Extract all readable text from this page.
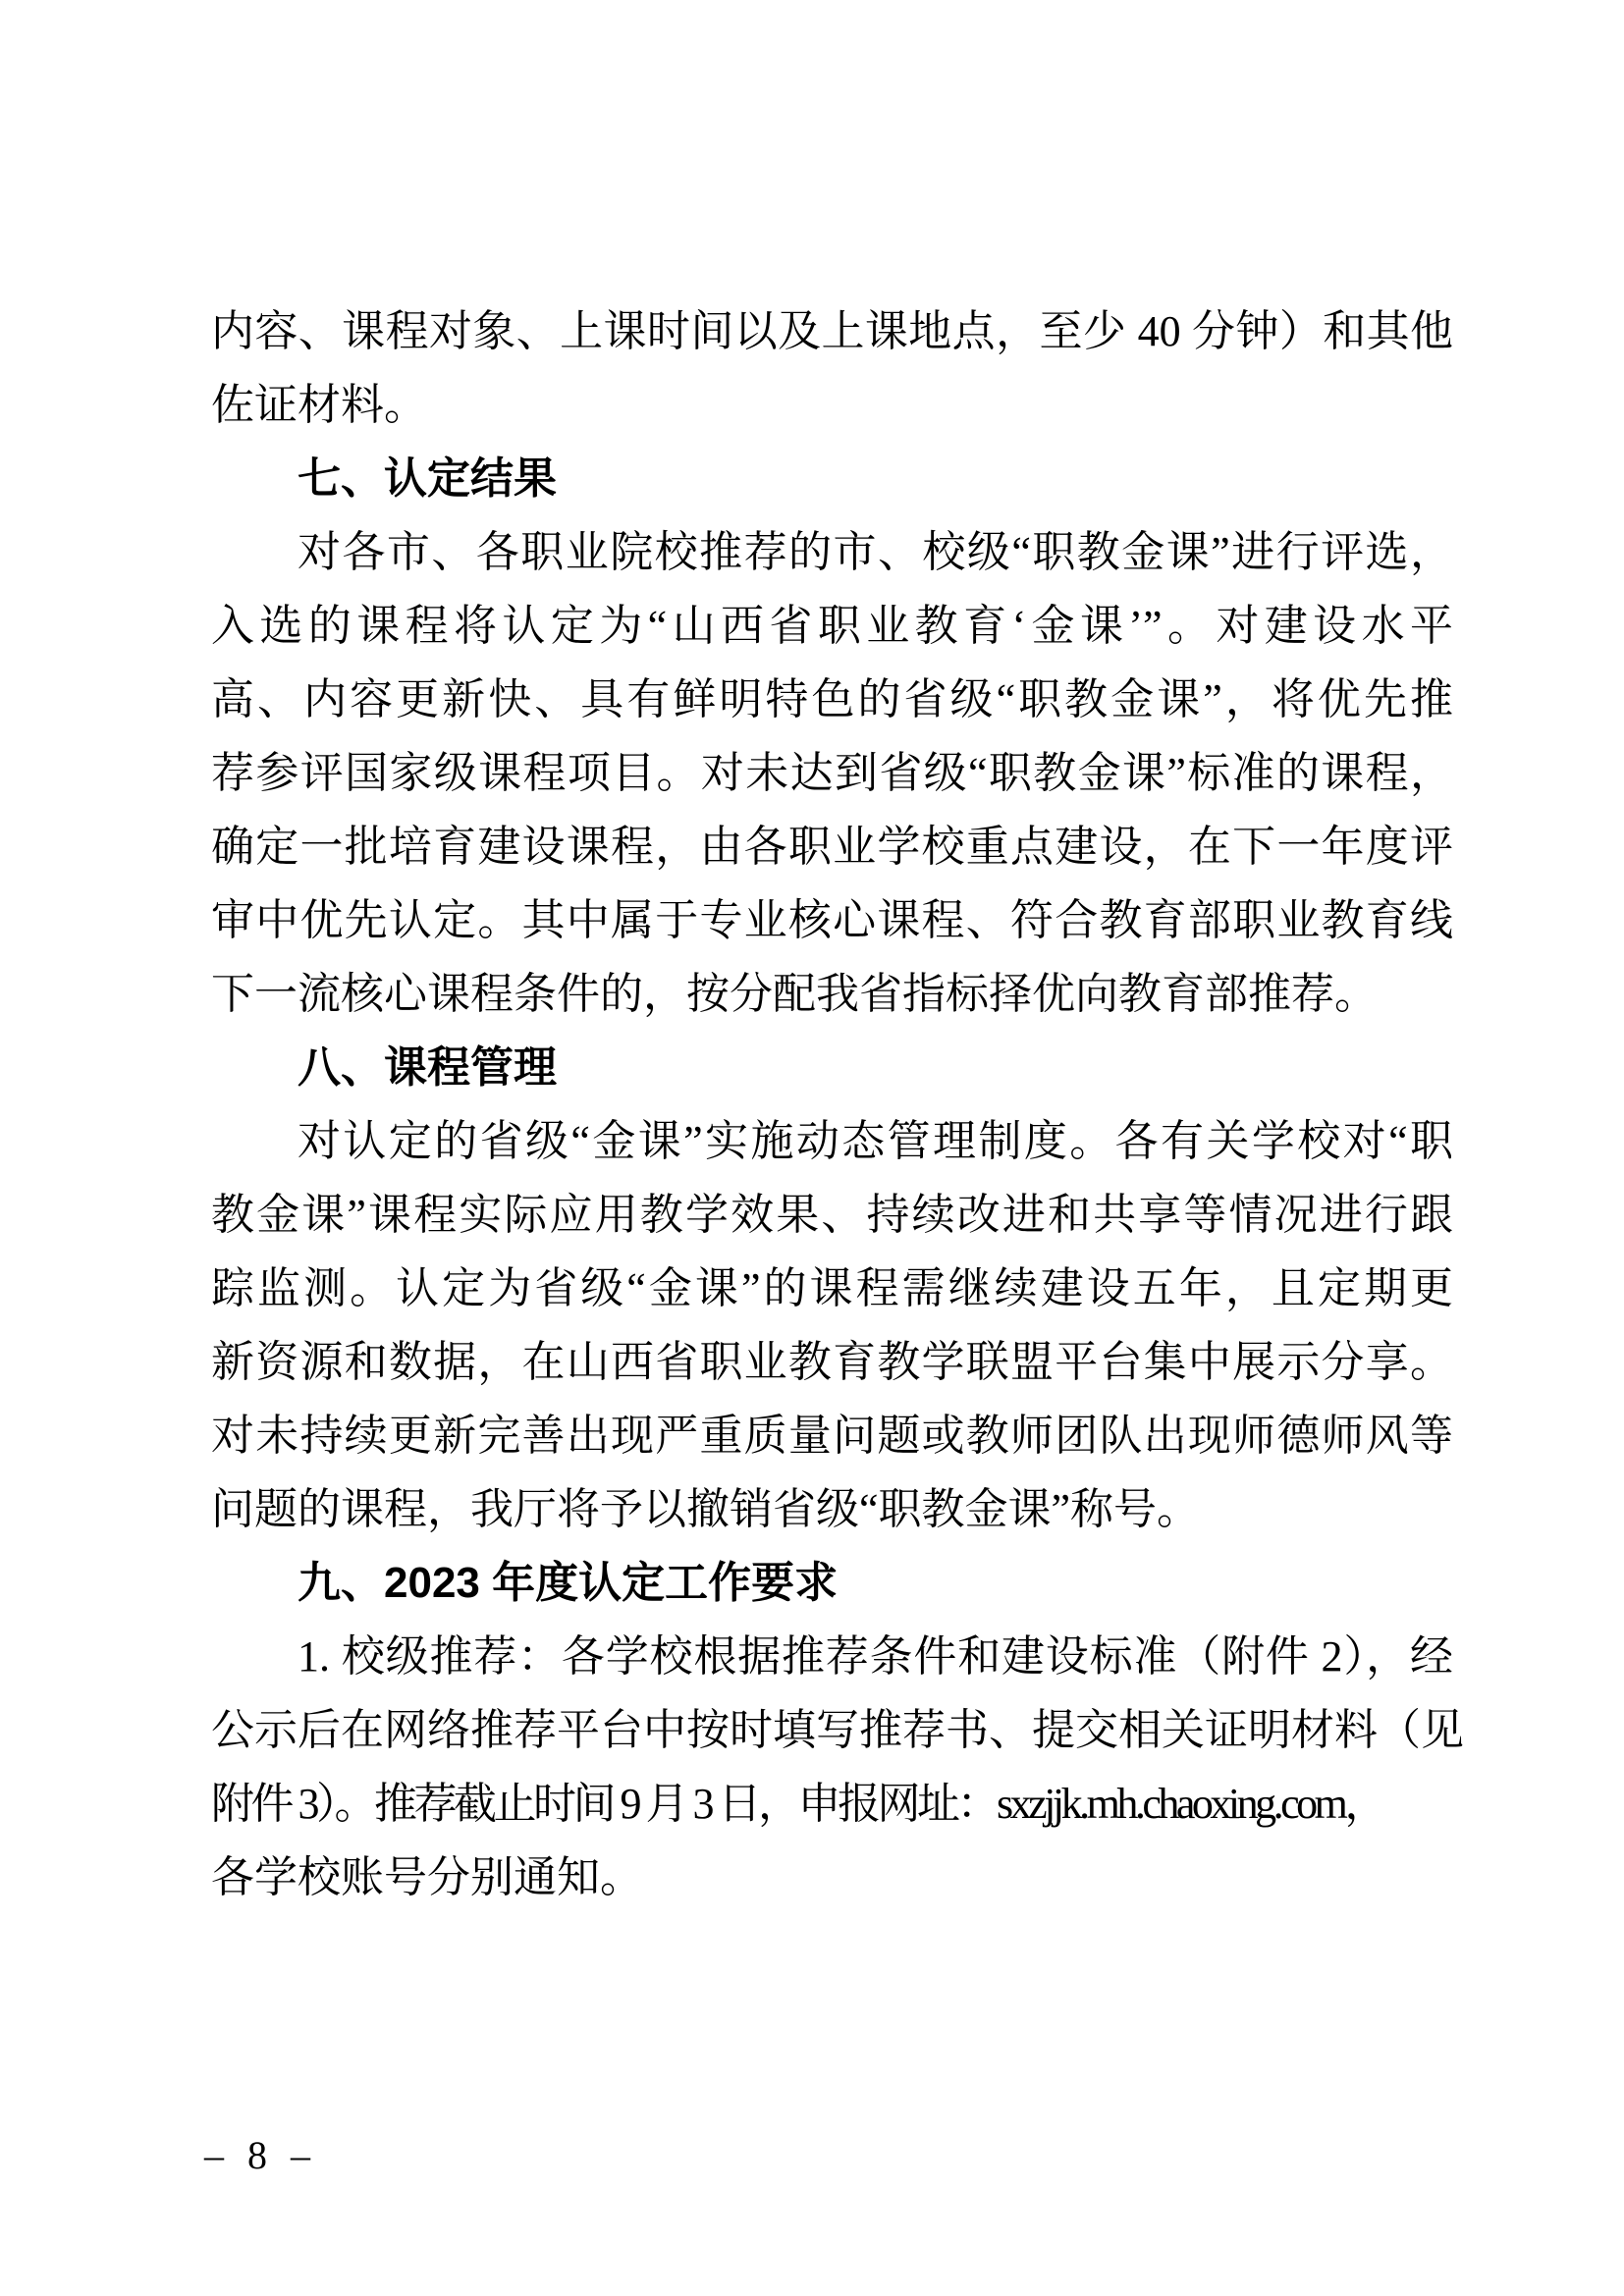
内容、课程对象、上课时间以及上课地点，至少 40 分钟）和其他
佐证材料。
七、认定结果
对各市、各职业院校推荐的市、校级“职教金课”进行评选，
入选的课程将认定为“山西省职业教育‘金课’”。对建设水平
高、内容更新快、具有鲜明特色的省级“职教金课”，将优先推
荐参评国家级课程项目。对未达到省级“职教金课”标准的课程，
确定一批培育建设课程，由各职业学校重点建设，在下一年度评
审中优先认定。其中属于专业核心课程、符合教育部职业教育线
下一流核心课程条件的，按分配我省指标择优向教育部推荐。
八、课程管理
对认定的省级“金课”实施动态管理制度。各有关学校对“职
教金课”课程实际应用教学效果、持续改进和共享等情况进行跟
踪监测。认定为省级“金课”的课程需继续建设五年，且定期更
新资源和数据，在山西省职业教育教学联盟平台集中展示分享。
对未持续更新完善出现严重质量问题或教师团队出现师德师风等
问题的课程，我厅将予以撤销省级“职教金课”称号。
九、2023 年度认定工作要求
1. 校级推荐：各学校根据推荐条件和建设标准（附件 2），经
公示后在网络推荐平台中按时填写推荐书、提交相关证明材料（见
附件 3）。推荐截止时间 9 月 3 日，申报网址：sxzjjk.mh.chaoxing.com，
各学校账号分别通知。
– 8 –
